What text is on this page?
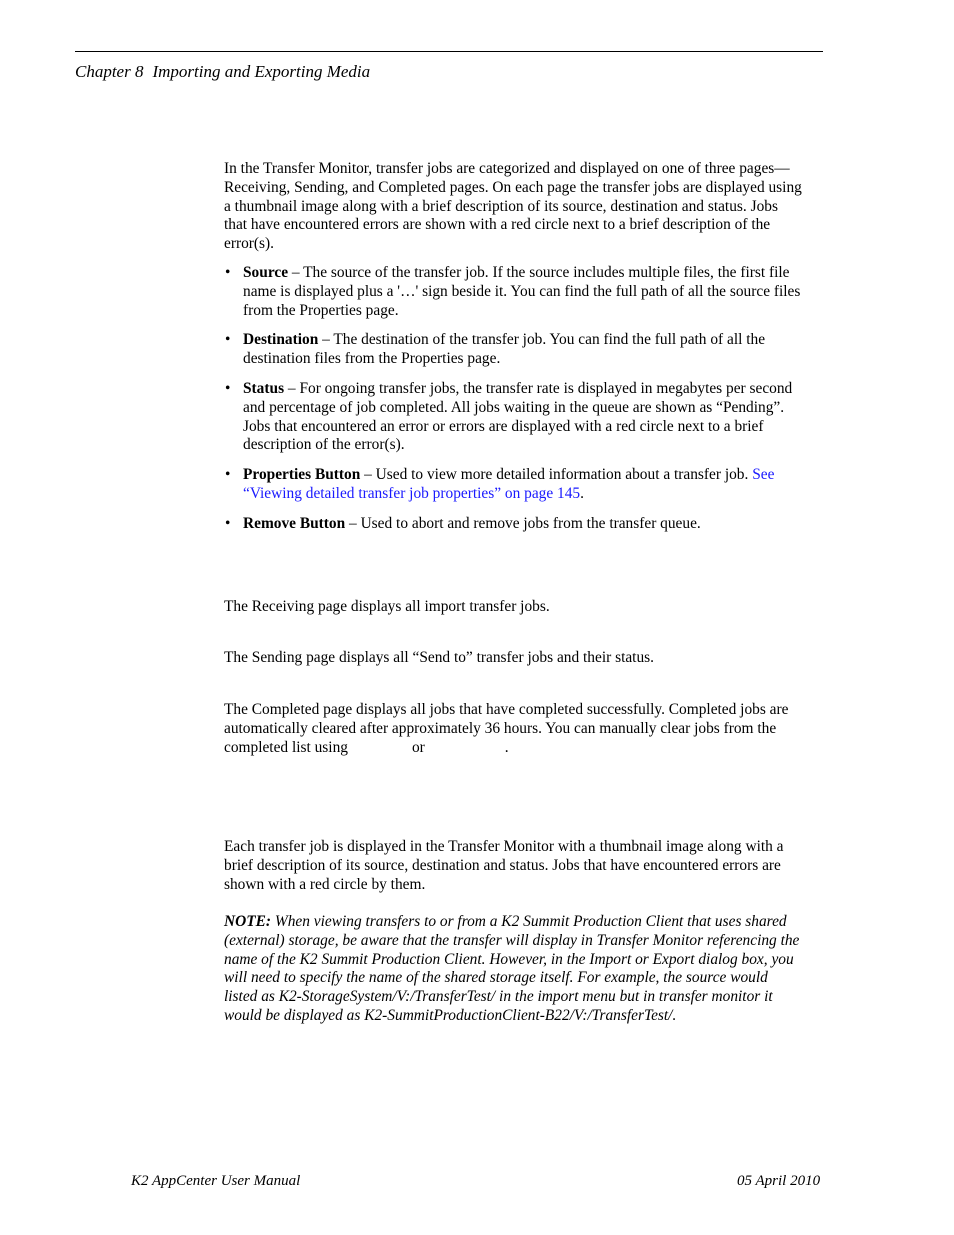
Chapter 8 Importing and Exporting Media

In the Transfer Monitor, transfer jobs are categorized and displayed on one of three pages— Receiving, Sending, and Completed pages. On each page the transfer jobs are displayed using a thumbnail image along with a brief description of its source, destination and status. Jobs that have encountered errors are shown with a red circle next to a brief description of the error(s).

• Source – The source of the transfer job. If the source includes multiple files, the first file name is displayed plus a '…' sign beside it. You can find the full path of all the source files from the Properties page.
• Destination – The destination of the transfer job. You can find the full path of all the destination files from the Properties page.
• Status – For ongoing transfer jobs, the transfer rate is displayed in megabytes per second and percentage of job completed. All jobs waiting in the queue are shown as “Pending”. Jobs that encountered an error or errors are displayed with a red circle next to a brief description of the error(s).
• Properties Button – Used to view more detailed information about a transfer job. See “Viewing detailed transfer job properties” on page 145.
• Remove Button – Used to abort and remove jobs from the transfer queue.

The Receiving page displays all import transfer jobs.

The Sending page displays all “Send to” transfer jobs and their status.

The Completed page displays all jobs that have completed successfully. Completed jobs are automatically cleared after approximately 36 hours. You can manually clear jobs from the completed list using	or	.

Each transfer job is displayed in the Transfer Monitor with a thumbnail image along with a brief description of its source, destination and status. Jobs that have encountered errors are shown with a red circle by them.

NOTE: When viewing transfers to or from a K2 Summit Production Client that uses shared (external) storage, be aware that the transfer will display in Transfer Monitor referencing the name of the K2 Summit Production Client. However, in the Import or Export dialog box, you will need to specify the name of the shared storage itself. For example, the source would listed as K2-StorageSystem/V:/TransferTest/ in the import menu but in transfer monitor it would be displayed as K2-SummitProductionClient-B22/V:/TransferTest/.

K2 AppCenter User Manual	05 April 2010
